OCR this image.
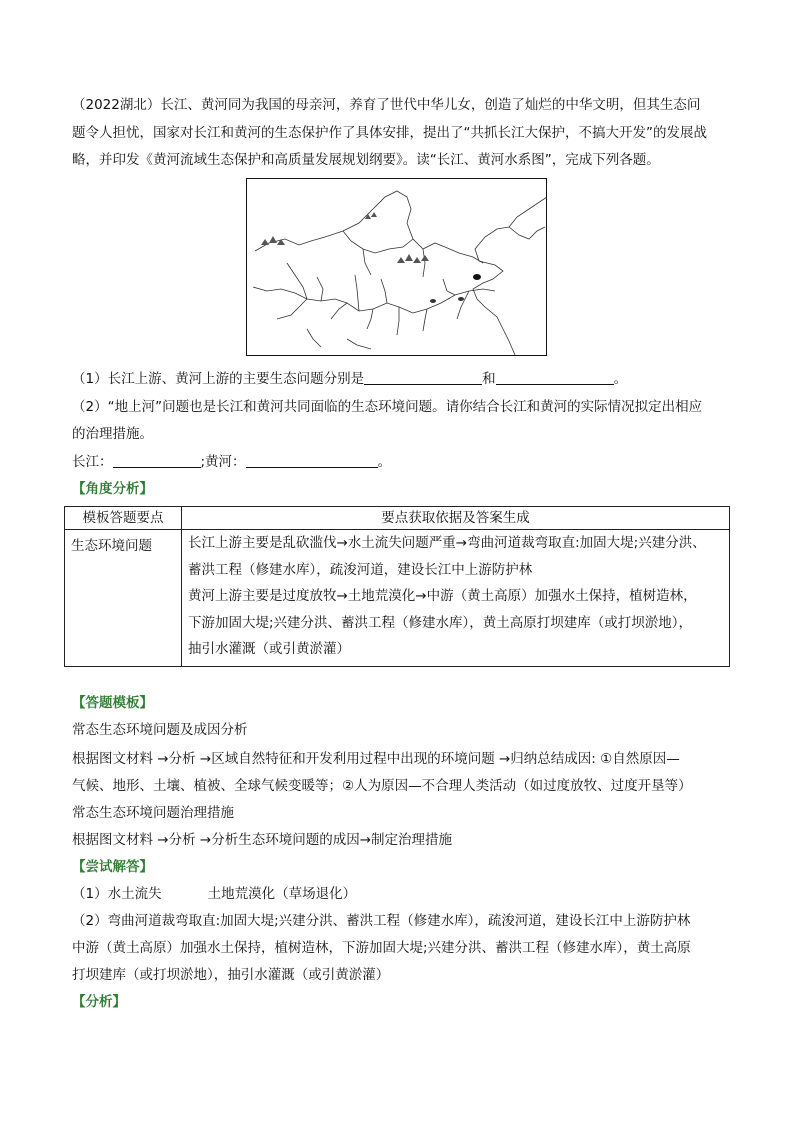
（2022湖北）长江、黄河同为我国的母亲河，养育了世代中华儿女，创造了灿烂的中华文明，但其生态问
题令人担忧，国家对长江和黄河的生态保护作了具体安排，提出了“共抓长江大保护，不搞大开发”的发展战
略，并印发《黄河流域生态保护和高质量发展规划纲要》。读“长江、黄河水系图”，完成下列各题。
（1）长江上游、黄河上游的主要生态问题分别是	和	。
（2）“地上河”问题也是长江和黄河共同面临的生态环境问题。请你结合长江和黄河的实际情况拟定出相应
的治理措施。
长江：	;黄河：	。
【角度分析】
模板答题要点	要点获取依据及答案生成
生态环境问题	长江上游主要是乱砍滥伐→水土流失问题严重→弯曲河道裁弯取直:加固大堤;兴建分洪、
蓄洪工程（修建水库），疏浚河道，建设长江中上游防护林
黄河上游主要是过度放牧→土地荒漠化→中游（黄土高原）加强水土保持，植树造林，
下游加固大堤;兴建分洪、蓄洪工程（修建水库），黄土高原打坝建库（或打坝淤地），
抽引水灌溉（或引黄淤灌）
【答题模板】
常态生态环境问题及成因分析
根据图文材料 →分析 →区域自然特征和开发利用过程中出现的环境问题 →归纳总结成因: ①自然原因—
气候、地形、土壤、植被、全球气候变暖等；②人为原因—不合理人类活动（如过度放牧、过度开垦等）
常态生态环境问题治理措施
根据图文材料 →分析 →分析生态环境问题的成因→制定治理措施
【尝试解答】
（1）水土流失	土地荒漠化（草场退化）
（2）弯曲河道裁弯取直:加固大堤;兴建分洪、蓄洪工程（修建水库），疏浚河道，建设长江中上游防护林
中游（黄土高原）加强水土保持，植树造林，下游加固大堤;兴建分洪、蓄洪工程（修建水库），黄土高原
打坝建库（或打坝淤地），抽引水灌溉（或引黄淤灌）
【分析】
